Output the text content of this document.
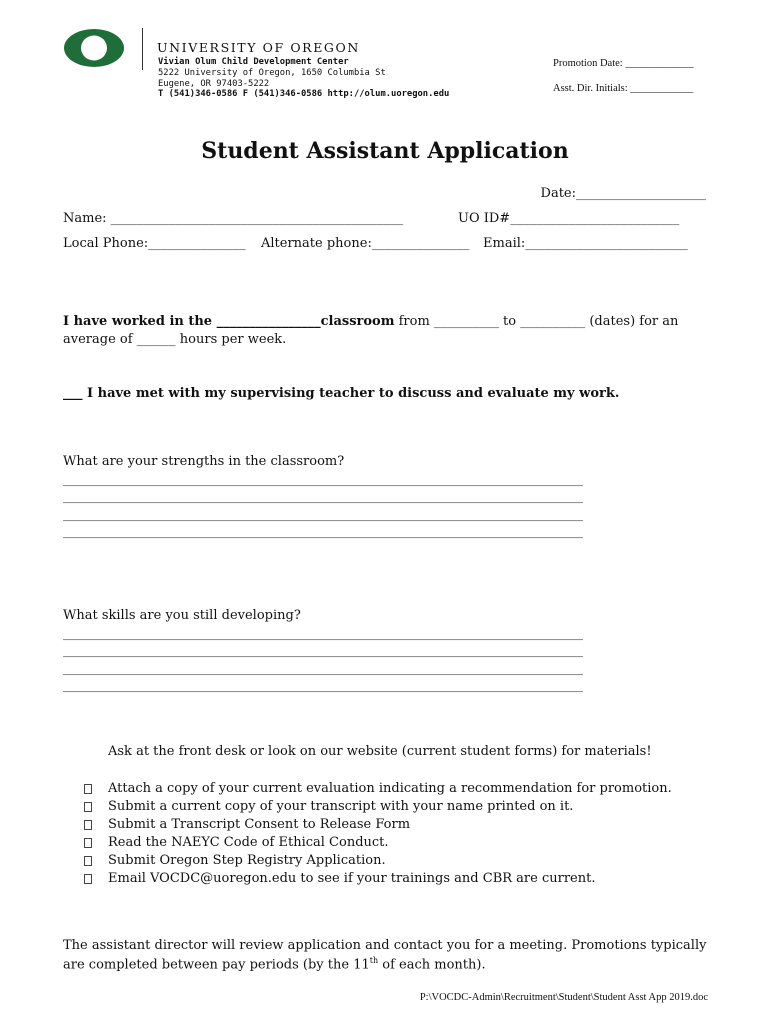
UNIVERSITY OF OREGON
Vivian Olum Child Development Center
5222 University of Oregon, 1650 Columbia St
Eugene, OR 97403-5222
T (541)346-0586 F (541)346-0586 http://olum.uoregon.edu
Promotion Date: _____________
Asst. Dir. Initials: ____________
Student Assistant Application
Date:____________________
Name: _____________________________________________	UO ID#__________________________
Local Phone:_______________ Alternate phone:_______________ Email:_________________________
I have worked in the ________________classroom from __________ to __________ (dates) for an
average of ______ hours per week.
___ I have met with my supervising teacher to discuss and evaluate my work.
What are your strengths in the classroom?
________________________________________________________________________________
________________________________________________________________________________
________________________________________________________________________________
________________________________________________________________________________
What skills are you still developing?
________________________________________________________________________________
________________________________________________________________________________
________________________________________________________________________________
________________________________________________________________________________
Ask at the front desk or look on our website (current student forms) for materials!
Attach a copy of your current evaluation indicating a recommendation for promotion.
Submit a current copy of your transcript with your name printed on it.
Submit a Transcript Consent to Release Form
Read the NAEYC Code of Ethical Conduct.
Submit Oregon Step Registry Application.
Email VOCDC@uoregon.edu to see if your trainings and CBR are current.
The assistant director will review application and contact you for a meeting. Promotions typically
are completed between pay periods (by the 11th of each month).
P:\VOCDC-Admin\Recruitment\Student\Student Asst App 2019.doc
